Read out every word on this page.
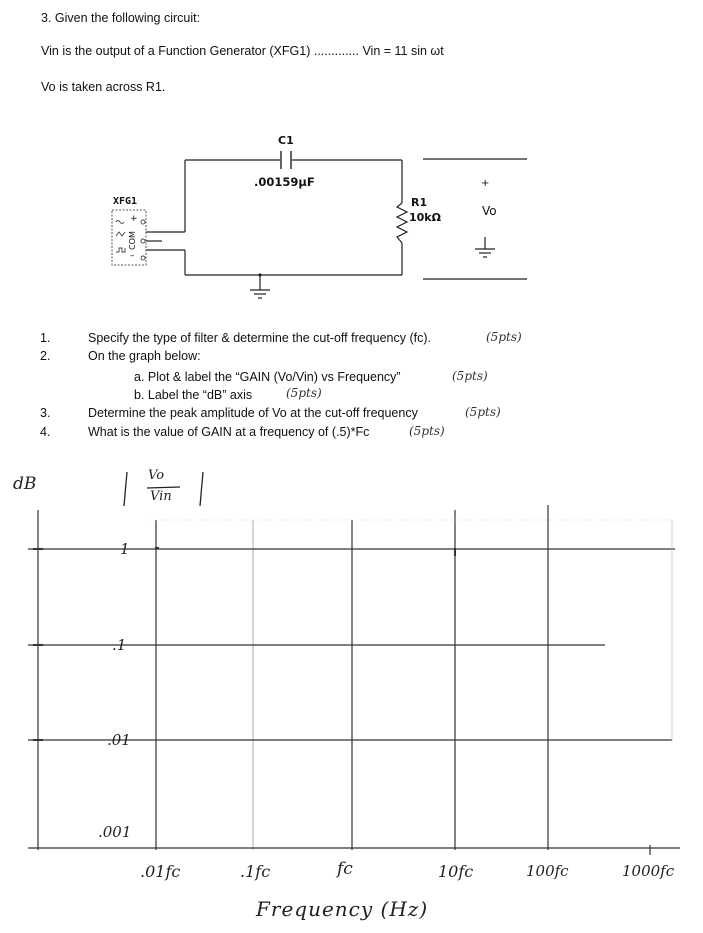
3. Given the following circuit:
Vin is the output of a Function Generator (XFG1) ............. Vin = 11 sin ωt
Vo is taken across R1.
C1
.00159µF
XFG1
COM
+
–
R1
10kΩ
+
Vo
1.	Specify the type of filter & determine the cut-off frequency (fc).	(5pts)
2.	On the graph below:
a. Plot & label the “GAIN (Vo/Vin) vs Frequency”	(5pts)
b. Label the “dB” axis	(5pts)
3.	Determine the peak amplitude of Vo at the cut-off frequency	(5pts)
4.	What is the value of GAIN at a frequency of (.5)*Fc	(5pts)
dB	Vo
Vin
1
.1
.01
.001
.01fc	.1fc	fc	10fc	100fc	1000fc
Frequency (Hz)
